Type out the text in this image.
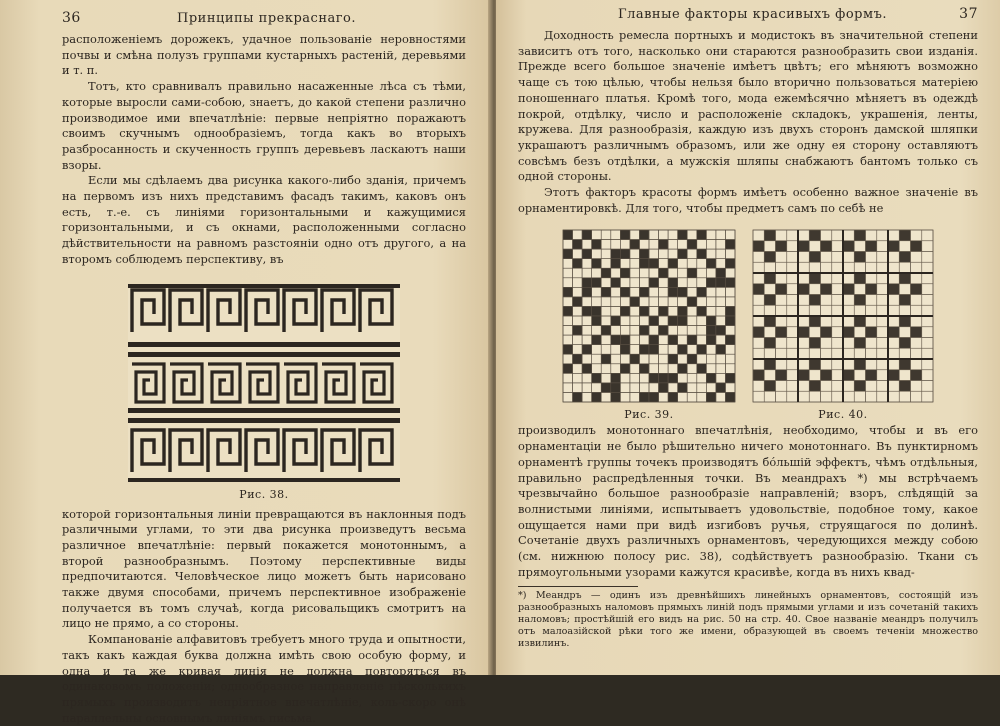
36	Принципы прекраснаго.

расположеніемъ дорожекъ, удачное пользованіе неровностями почвы и смѣна полузъ группами кустарныхъ растеній, деревьями и т. п.

Тотъ, кто сравнивалъ правильно насаженные лѣса съ тѣми, которые выросли сами-собою, знаетъ, до какой степени различно производимое ими впечатлѣніе: первые непріятно поражаютъ своимъ скучнымъ однообразіемъ, тогда какъ во вторыхъ разбросанность и скученность группъ деревьевъ ласкаютъ наши взоры.

Если мы сдѣлаемъ два рисунка какого-либо зданія, причемъ на первомъ изъ нихъ представимъ фасадъ такимъ, каковъ онъ есть, т.-е. съ линіями горизонтальными и кажущимися горизонтальными, и съ окнами, расположенными согласно дѣйствительности на равномъ разстояніи одно отъ другого, а на второмъ соблюдемъ перспективу, въ

Рис. 38.

которой горизонтальныя линіи превращаются въ наклонныя подъ различными углами, то эти два рисунка произведутъ весьма различное впечатлѣніе: первый покажется монотоннымъ, а второй разнообразнымъ. Поэтому перспективные виды предпочитаются. Человѣческое лицо можетъ быть нарисовано также двумя способами, причемъ перспективное изображеніе получается въ томъ случаѣ, когда рисовальщикъ смотритъ на лицо не прямо, а со стороны.

Компанованіе алфавитовъ требуетъ много труда и опытности, такъ какъ каждая буква должна имѣть свою особую форму, и одна и та же кривая линія не должна повторяться въ одинаковомъ положеніи; однообразное направленіе нѣсколькихъ прямыхъ производитъ непріятное впечатлѣніе, коль-скоро онѣ параллельны основнымъ линіямъ письма.

Главные факторы красивыхъ формъ.	37

Доходность ремесла портныхъ и модистокъ въ значительной степени зависитъ отъ того, насколько они стараются разнообразить свои изданія. Прежде всего большое значеніе имѣетъ цвѣтъ; его мѣняютъ возможно чаще съ тою цѣлью, чтобы нельзя было вторично пользоваться матеріею поношеннаго платья. Кромѣ того, мода ежемѣсячно мѣняетъ въ одеждѣ покрой, отдѣлку, число и расположеніе складокъ, украшенія, ленты, кружева. Для разнообразія, каждую изъ двухъ сторонъ дамской шляпки украшаютъ различнымъ образомъ, или же одну ея сторону оставляютъ совсѣмъ безъ отдѣлки, а мужскія шляпы снабжаютъ бантомъ только съ одной стороны.

Этотъ факторъ красоты формъ имѣетъ особенно важное значеніе въ орнаментировкѣ. Для того, чтобы предметъ самъ по себѣ не

Рис. 39.	Рис. 40.

производилъ монотоннаго впечатлѣнія, необходимо, чтобы и въ его орнаментаціи не было рѣшительно ничего монотоннаго. Въ пунктирномъ орнаментѣ группы точекъ производятъ бо́льшій эффектъ, чѣмъ отдѣльныя, правильно распредѣленныя точки. Въ меандрахъ *) мы встрѣчаемъ чрезвычайно большое разнообразіе направленій; взоръ, слѣдящій за волнистыми линіями, испытываетъ удовольствіе, подобное тому, какое ощущается нами при видѣ изгибовъ ручья, струящагося по долинѣ. Сочетаніе двухъ различныхъ орнаментовъ, чередующихся между собою (см. нижнюю полосу рис. 38), содѣйствуетъ разнообразію. Ткани съ прямоугольными узорами кажутся красивѣе, когда въ нихъ квад-

*) Меандръ — одинъ изъ древнѣйшихъ линейныхъ орнаментовъ, состоящій изъ разнообразныхъ наломовъ прямыхъ линій подъ прямыми углами и изъ сочетаній такихъ наломовъ; простѣйшій его видъ на рис. 50 на стр. 40. Свое названіе меандръ получилъ отъ малоазійской рѣки того же имени, образующей въ своемъ теченіи множество извилинъ.
